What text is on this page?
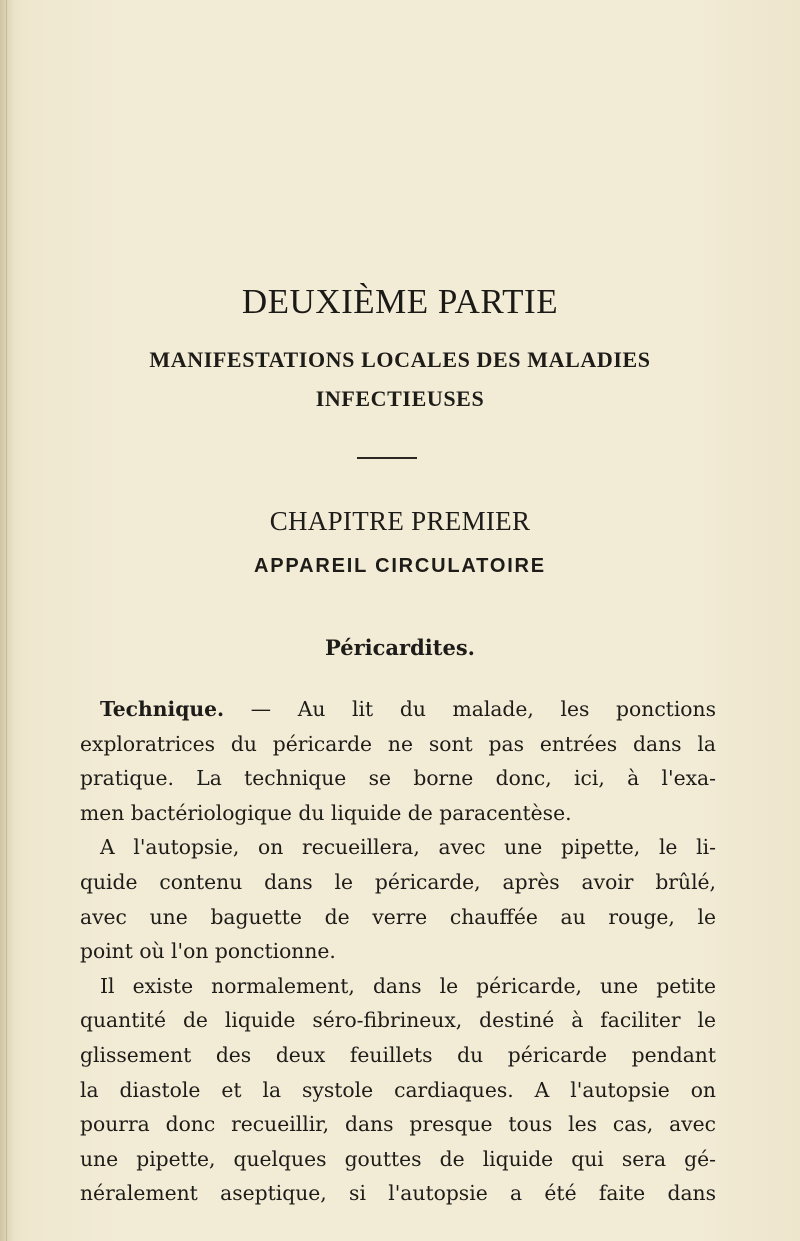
DEUXIÈME PARTIE
MANIFESTATIONS LOCALES DES MALADIES
INFECTIEUSES
CHAPITRE PREMIER
APPAREIL CIRCULATOIRE
Péricardites.
Technique. — Au lit du malade, les ponctions
exploratrices du péricarde ne sont pas entrées dans la
pratique. La technique se borne donc, ici, à l'exa-
men bactériologique du liquide de paracentèse.
A l'autopsie, on recueillera, avec une pipette, le li-
quide contenu dans le péricarde, après avoir brûlé,
avec une baguette de verre chauffée au rouge, le
point où l'on ponctionne.
Il existe normalement, dans le péricarde, une petite
quantité de liquide séro-fibrineux, destiné à faciliter le
glissement des deux feuillets du péricarde pendant
la diastole et la systole cardiaques. A l'autopsie on
pourra donc recueillir, dans presque tous les cas, avec
une pipette, quelques gouttes de liquide qui sera gé-
néralement aseptique, si l'autopsie a été faite dans
